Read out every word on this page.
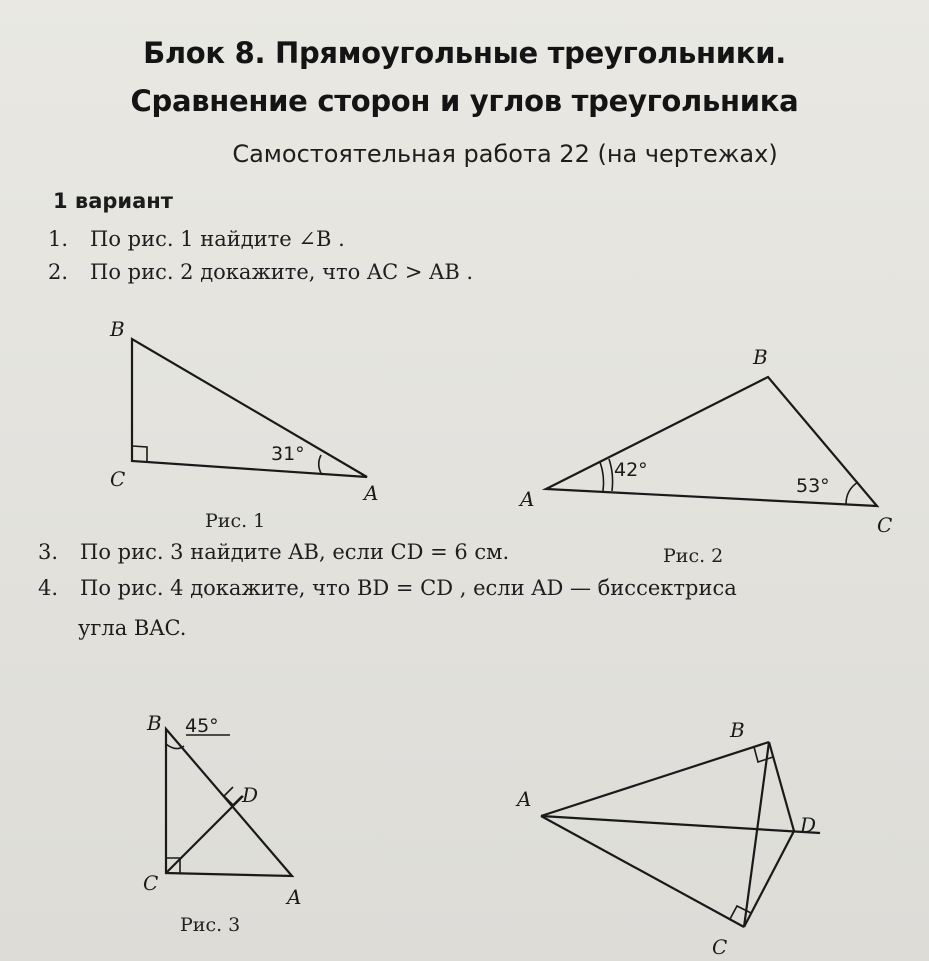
Блок 8. Прямоугольные треугольники.
Сравнение сторон и углов треугольника
Самостоятельная работа 22 (на чертежах)
1 вариант
1. По рис. 1 найдите ∠B .
2. По рис. 2 докажите, что AC > AB .
3. По рис. 3 найдите AB, если CD = 6 см.
4. По рис. 4 докажите, что BD = CD , если AD — биссектриса
угла BAC.
Рис. 1
Рис. 2
Рис. 3
B
C
A
31°
B
A
C
42°
53°
B
D
C
A
45°
A
B
D
C
